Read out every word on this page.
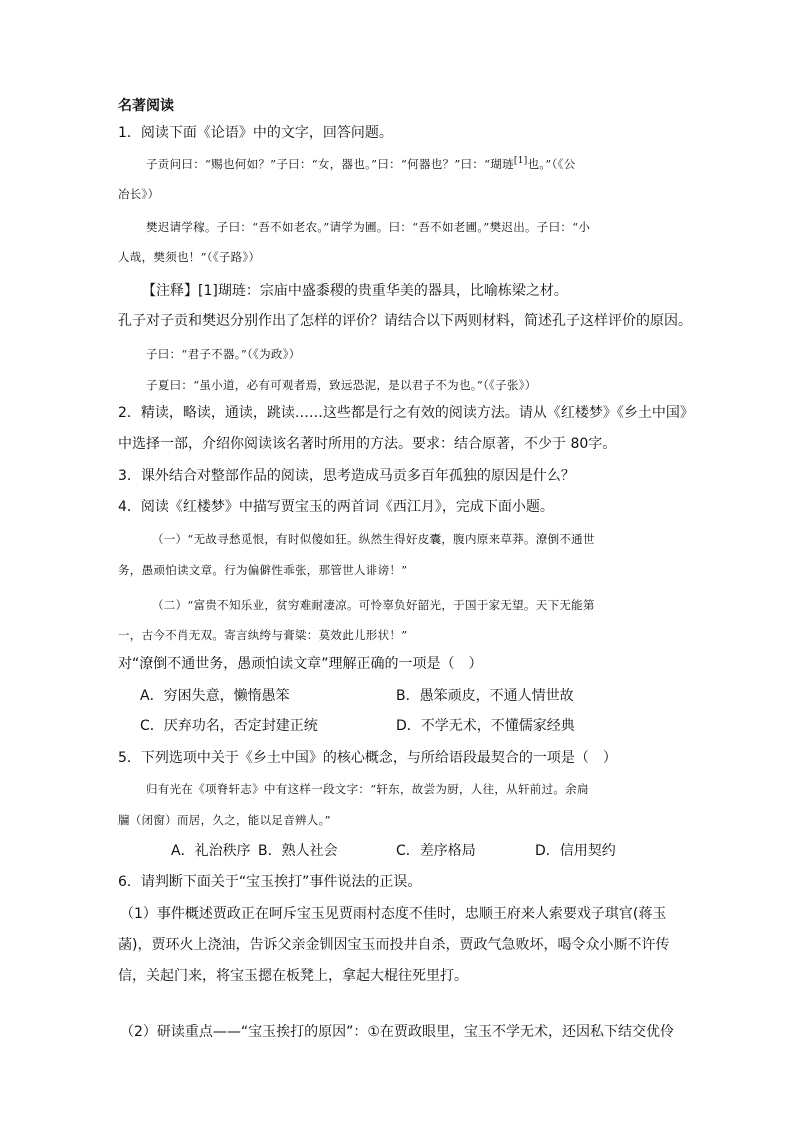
名著阅读
1．阅读下面《论语》中的文字，回答问题。
子贡问曰：“赐也何如？”子曰：“女，器也。”曰：“何器也？”曰：“瑚琏[1]也。”（《公
冶长》）
樊迟请学稼。子曰：“吾不如老农。”请学为圃。曰：“吾不如老圃。”樊迟出。子曰：“小
人哉，樊须也！”（《子路》）
【注释】[1]瑚琏：宗庙中盛黍稷的贵重华美的器具，比喻栋梁之材。
孔子对子贡和樊迟分别作出了怎样的评价？请结合以下两则材料，简述孔子这样评价的原因。
子曰：“君子不器。”（《为政》）
子夏曰：“虽小道，必有可观者焉，致远恐泥，是以君子不为也。”（《子张》）
2．精读，略读，通读，跳读……这些都是行之有效的阅读方法。请从《红楼梦》《乡土中国》
中选择一部，介绍你阅读该名著时所用的方法。要求：结合原著，不少于 80字。
3．课外结合对整部作品的阅读，思考造成马贡多百年孤独的原因是什么？
4．阅读《红楼梦》中描写贾宝玉的两首词《西江月》，完成下面小题。
（一）“无故寻愁觅恨，有时似傻如狂。纵然生得好皮囊，腹内原来草莽。潦倒不通世
务，愚顽怕读文章。行为偏僻性乖张，那管世人诽谤！”
（二）“富贵不知乐业，贫穷难耐凄凉。可怜辜负好韶光，于国于家无望。天下无能第
一，古今不肖无双。寄言纨绔与膏粱：莫效此儿形状！”
对“潦倒不通世务，愚顽怕读文章”理解正确的一项是（　）
A．穷困失意，懒惰愚笨	B．愚笨顽皮，不通人情世故
C．厌弃功名，否定封建正统	D．不学无术，不懂儒家经典
5．下列选项中关于《乡土中国》的核心概念，与所给语段最契合的一项是（　）
归有光在《项脊轩志》中有这样一段文字：“轩东，故尝为厨，人往，从轩前过。余扃
牖（闭窗）而居，久之，能以足音辨人。”
A．礼治秩序 B．熟人社会	C．差序格局	D．信用契约
6．请判断下面关于“宝玉挨打”事件说法的正误。
（1）事件概述贾政正在呵斥宝玉见贾雨村态度不佳时，忠顺王府来人索要戏子琪官(蒋玉
菡)，贾环火上浇油，告诉父亲金钏因宝玉而投井自杀，贾政气急败坏，喝令众小厮不许传
信，关起门来，将宝玉摁在板凳上，拿起大棍往死里打。
（2）研读重点——“宝玉挨打的原因”：①在贾政眼里，宝玉不学无术，还因私下结交优伶
